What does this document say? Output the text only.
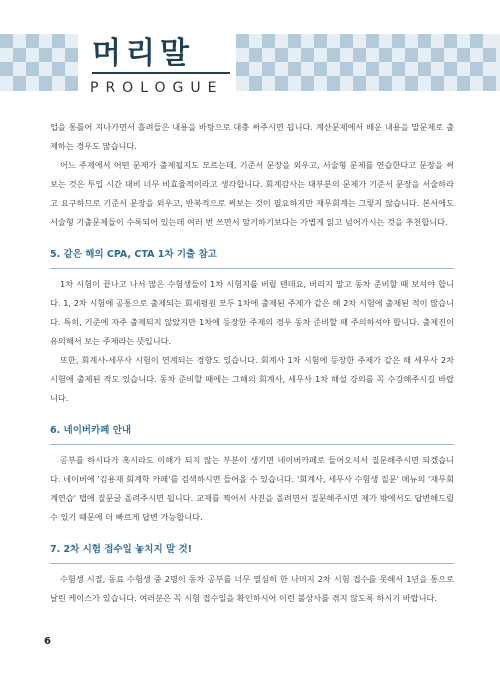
머리말
PROLOGUE

업을 통틀어 지나가면서 흘려들은 내용을 바탕으로 대충 써주시면 됩니다. 계산문제에서 배운 내용을 말문제로 출제하는 경우도 많습니다.

어느 주제에서 어떤 문제가 출제될지도 모르는데, 기준서 문장을 외우고, 서술형 문제를 연습한다고 문장을 써보는 것은 투입 시간 대비 너무 비효율적이라고 생각합니다. 회계감사는 대부분의 문제가 기준서 문장을 서술하라고 요구하므로 기준서 문장을 외우고, 반복적으로 써보는 것이 필요하지만 재무회계는 그렇지 않습니다. 본서에도 서술형 기출문제들이 수록되어 있는데 여러 번 쓰면서 암기하기보다는 가볍게 읽고 넘어가시는 것을 추천합니다.

5. 같은 해의 CPA, CTA 1차 기출 참고

1차 시험이 끝나고 나서 많은 수험생들이 1차 시험지를 버릴 텐데요, 버리지 말고 동차 준비할 때 보셔야 합니다. 1, 2차 시험에 공통으로 출제되는 회세평원 모두 1차에 출제된 주제가 같은 해 2차 시험에 출제된 적이 많습니다. 특히, 기준에 자주 출제되지 않았지만 1차에 등장한 주제의 경우 동차 준비할 때 주의하셔야 합니다. 출제진이 유의해서 보는 주제라는 뜻입니다.

또한, 회계사-세무사 시험이 연계되는 경향도 있습니다. 회계사 1차 시험에 등장한 주제가 같은 해 세무사 2차 시험에 출제된 적도 있습니다. 동차 준비할 때에는 그해의 회계사, 세무사 1차 해설 강의를 꼭 수강해주시길 바랍니다.

6. 네이버카페 안내

공부를 하시다가 혹시라도 이해가 되지 않는 부분이 생기면 네이버카페로 들어오셔서 질문해주시면 되겠습니다. 네이버에 '김용재 회계학 카페'를 검색하시면 들어올 수 있습니다. '회계사, 세무사 수험생 질문' 메뉴의 '재무회계연습' 탭에 질문글 올려주시면 됩니다. 교재를 찍어서 사진을 올려면서 질문해주시면 제가 밖에서도 답변해드릴 수 있기 때문에 더 빠르게 답변 가능합니다.

7. 2차 시험 접수일 놓치지 말 것!

수험생 시절, 동료 수험생 중 2명이 동차 공부를 너무 열심히 한 나머지 2차 시험 접수를 못해서 1년을 통으로 날린 케이스가 있습니다. 여러분은 꼭 시험 접수일을 확인하시어 이런 불상사를 겪지 않도록 하시기 바랍니다.

6
